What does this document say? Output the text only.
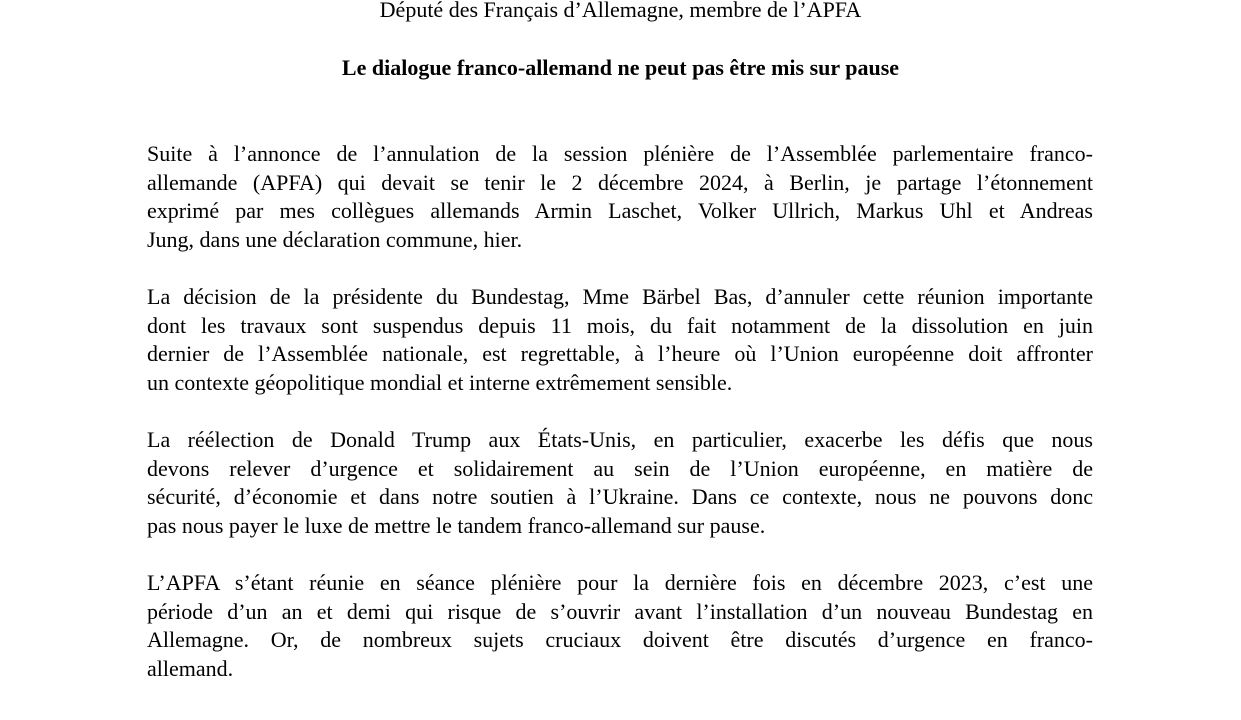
Député des Français d’Allemagne, membre de l’APFA
Le dialogue franco-allemand ne peut pas être mis sur pause
Suite à l’annonce de l’annulation de la session plénière de l’Assemblée parlementaire franco-
allemande (APFA) qui devait se tenir le 2 décembre 2024, à Berlin, je partage l’étonnement
exprimé par mes collègues allemands Armin Laschet, Volker Ullrich, Markus Uhl et Andreas
Jung, dans une déclaration commune, hier.
La décision de la présidente du Bundestag, Mme Bärbel Bas, d’annuler cette réunion importante
dont les travaux sont suspendus depuis 11 mois, du fait notamment de la dissolution en juin
dernier de l’Assemblée nationale, est regrettable, à l’heure où l’Union européenne doit affronter
un contexte géopolitique mondial et interne extrêmement sensible.
La réélection de Donald Trump aux États-Unis, en particulier, exacerbe les défis que nous
devons relever d’urgence et solidairement au sein de l’Union européenne, en matière de
sécurité, d’économie et dans notre soutien à l’Ukraine. Dans ce contexte, nous ne pouvons donc
pas nous payer le luxe de mettre le tandem franco-allemand sur pause.
L’APFA s’étant réunie en séance plénière pour la dernière fois en décembre 2023, c’est une
période d’un an et demi qui risque de s’ouvrir avant l’installation d’un nouveau Bundestag en
Allemagne. Or, de nombreux sujets cruciaux doivent être discutés d’urgence en franco-
allemand.
